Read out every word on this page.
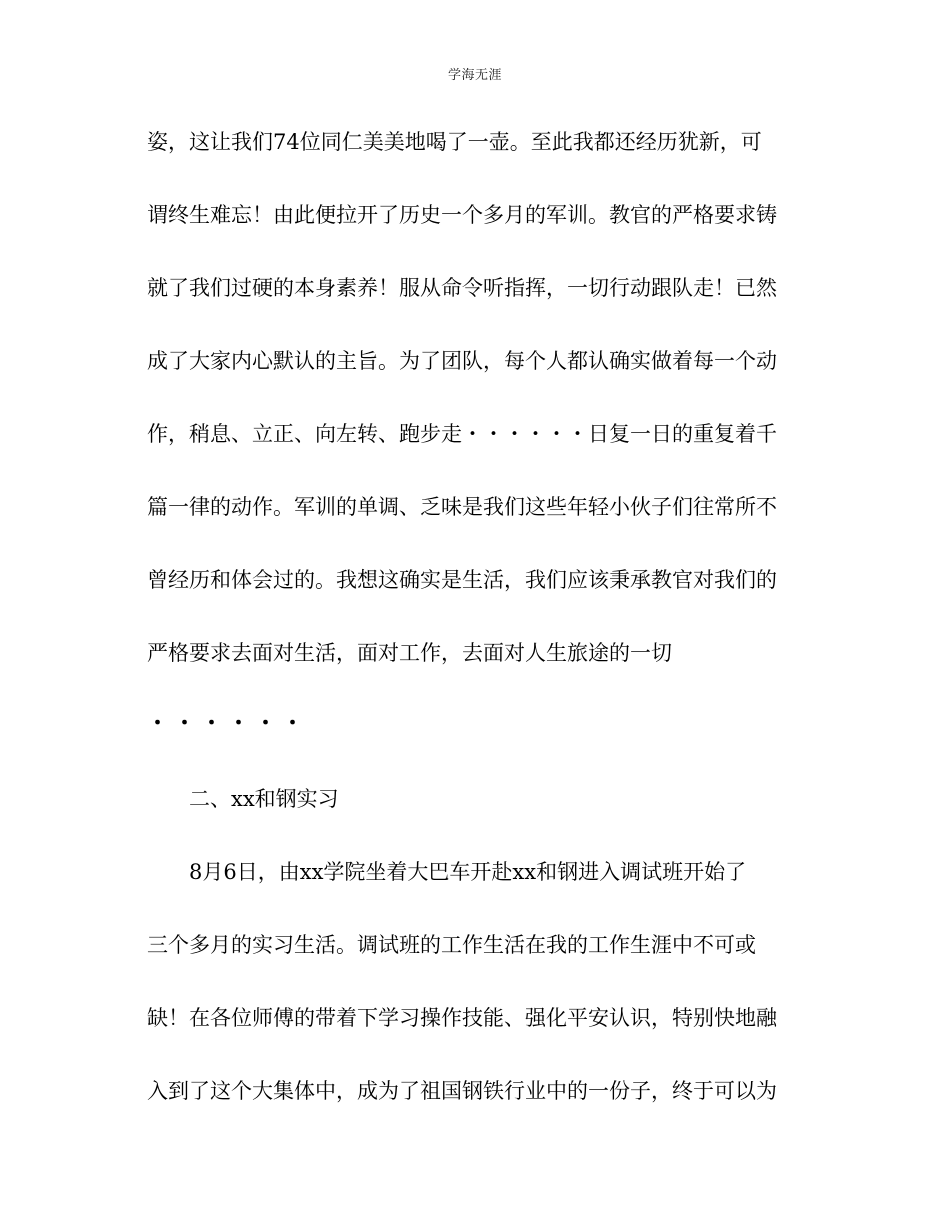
学海无涯
姿，这让我们74位同仁美美地喝了一壶。至此我都还经历犹新，可
谓终生难忘！由此便拉开了历史一个多月的军训。教官的严格要求铸
就了我们过硬的本身素养！服从命令听指挥，一切行动跟队走！已然
成了大家内心默认的主旨。为了团队，每个人都认确实做着每一个动
作，稍息、立正、向左转、跑步走・・・・・・日复一日的重复着千
篇一律的动作。军训的单调、乏味是我们这些年轻小伙子们往常所不
曾经历和体会过的。我想这确实是生活，我们应该秉承教官对我们的
严格要求去面对生活，面对工作，去面对人生旅途的一切
・・・・・・
二、xx和钢实习
8月6日，由xx学院坐着大巴车开赴xx和钢进入调试班开始了
三个多月的实习生活。调试班的工作生活在我的工作生涯中不可或
缺！在各位师傅的带着下学习操作技能、强化平安认识，特别快地融
入到了这个大集体中，成为了祖国钢铁行业中的一份子，终于可以为
